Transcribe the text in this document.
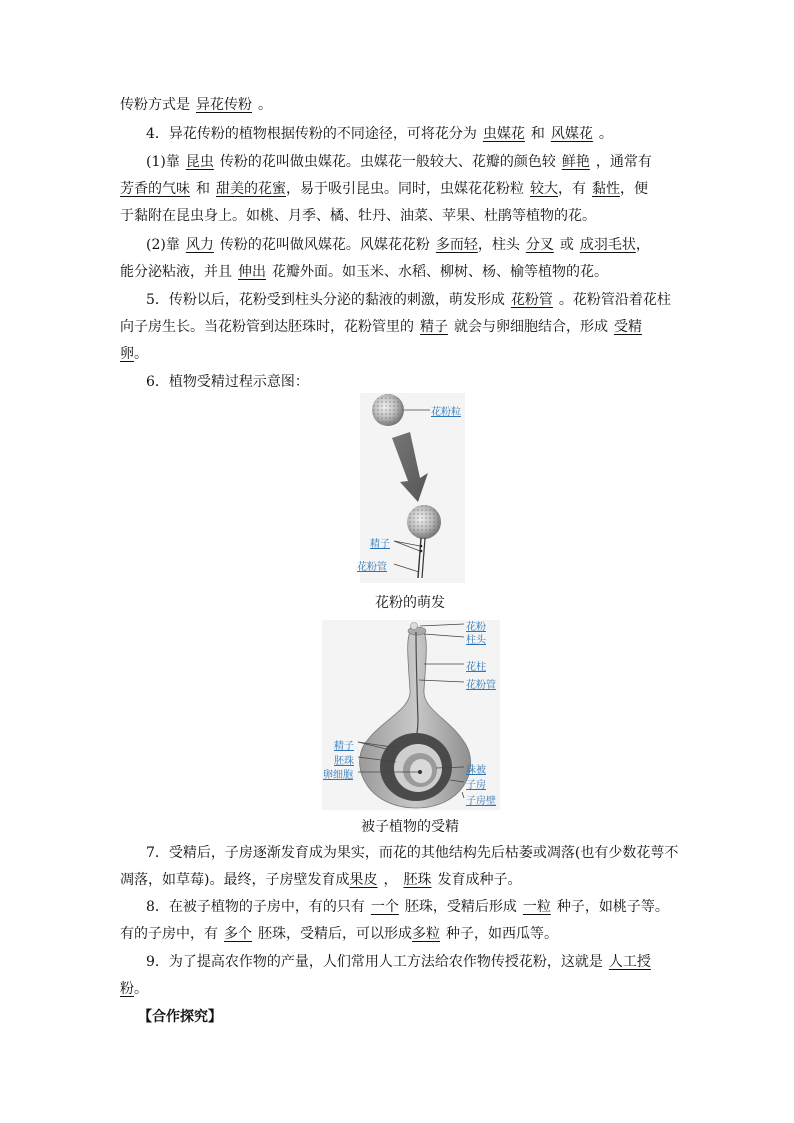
传粉方式是 异花传粉 。
4．异花传粉的植物根据传粉的不同途径，可将花分为 虫媒花 和 风媒花 。
(1)靠 昆虫 传粉的花叫做虫媒花。虫媒花一般较大、花瓣的颜色较 鲜艳 ，通常有
芳香的气味 和 甜美的花蜜，易于吸引昆虫。同时，虫媒花花粉粒 较大，有 黏性，便
于黏附在昆虫身上。如桃、月季、橘、牡丹、油菜、苹果、杜鹃等植物的花。
(2)靠 风力 传粉的花叫做风媒花。风媒花花粉 多而轻，柱头 分叉 或 成羽毛状，
能分泌粘液，并且 伸出 花瓣外面。如玉米、水稻、柳树、杨、榆等植物的花。
5．传粉以后，花粉受到柱头分泌的黏液的刺激，萌发形成 花粉管 。花粉管沿着花柱
向子房生长。当花粉管到达胚珠时，花粉管里的 精子 就会与卵细胞结合，形成 受精
卵。
6．植物受精过程示意图：
花粉粒
精子
花粉管
花粉的萌发
花粉
柱头
花柱
花粉管
精子
胚珠
卵细胞	珠被
子房
子房壁
被子植物的受精
7．受精后，子房逐渐发育成为果实，而花的其他结构先后枯萎或凋落(也有少数花萼不
凋落，如草莓)。最终，子房壁发育成果皮 ， 胚珠 发育成种子。
8．在被子植物的子房中，有的只有 一个 胚珠，受精后形成 一粒 种子，如桃子等。
有的子房中，有 多个 胚珠，受精后，可以形成多粒 种子，如西瓜等。
9．为了提高农作物的产量，人们常用人工方法给农作物传授花粉，这就是 人工授
粉。
【合作探究】
